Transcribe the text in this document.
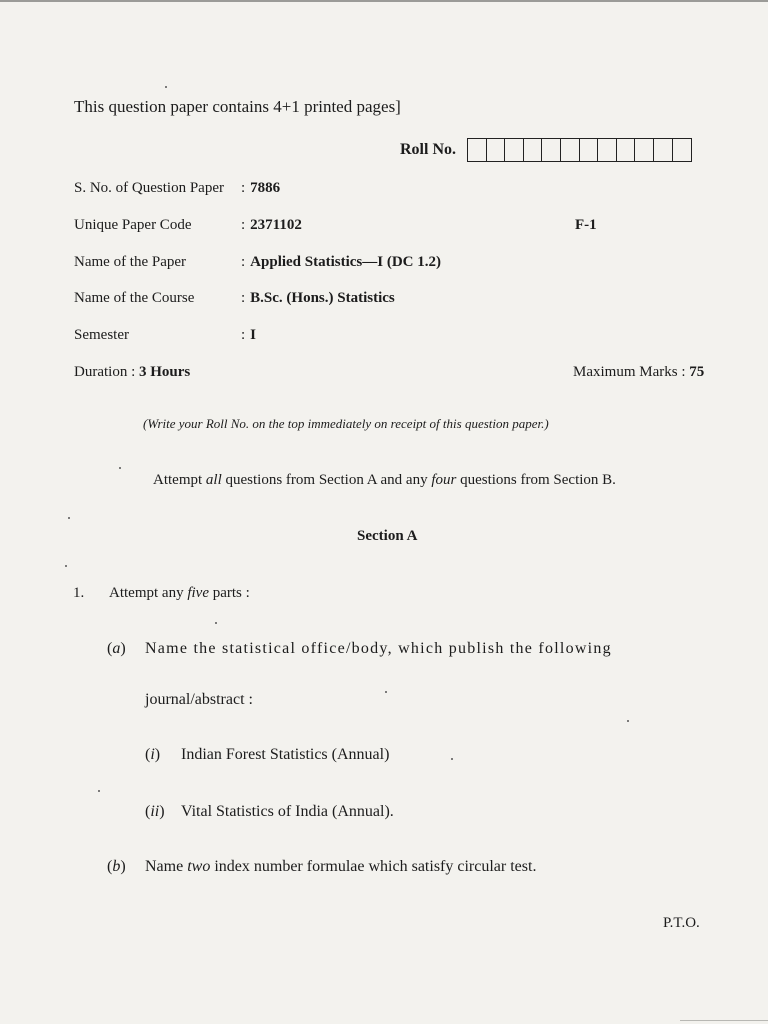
This question paper contains 4+1 printed pages]
Roll No.
S. No. of Question Paper : 7886
Unique Paper Code	: 2371102	F-1
Name of the Paper	: Applied Statistics—I (DC 1.2)
Name of the Course	: B.Sc. (Hons.) Statistics
Semester	: I
Duration : 3 Hours	Maximum Marks : 75
(Write your Roll No. on the top immediately on receipt of this question paper.)
Attempt all questions from Section A and any four questions from Section B.
Section A
1. Attempt any five parts :
(a) Name the statistical office/body, which publish the following
journal/abstract :
(i) Indian Forest Statistics (Annual)
(ii) Vital Statistics of India (Annual).
(b) Name two index number formulae which satisfy circular test.
P.T.O.
